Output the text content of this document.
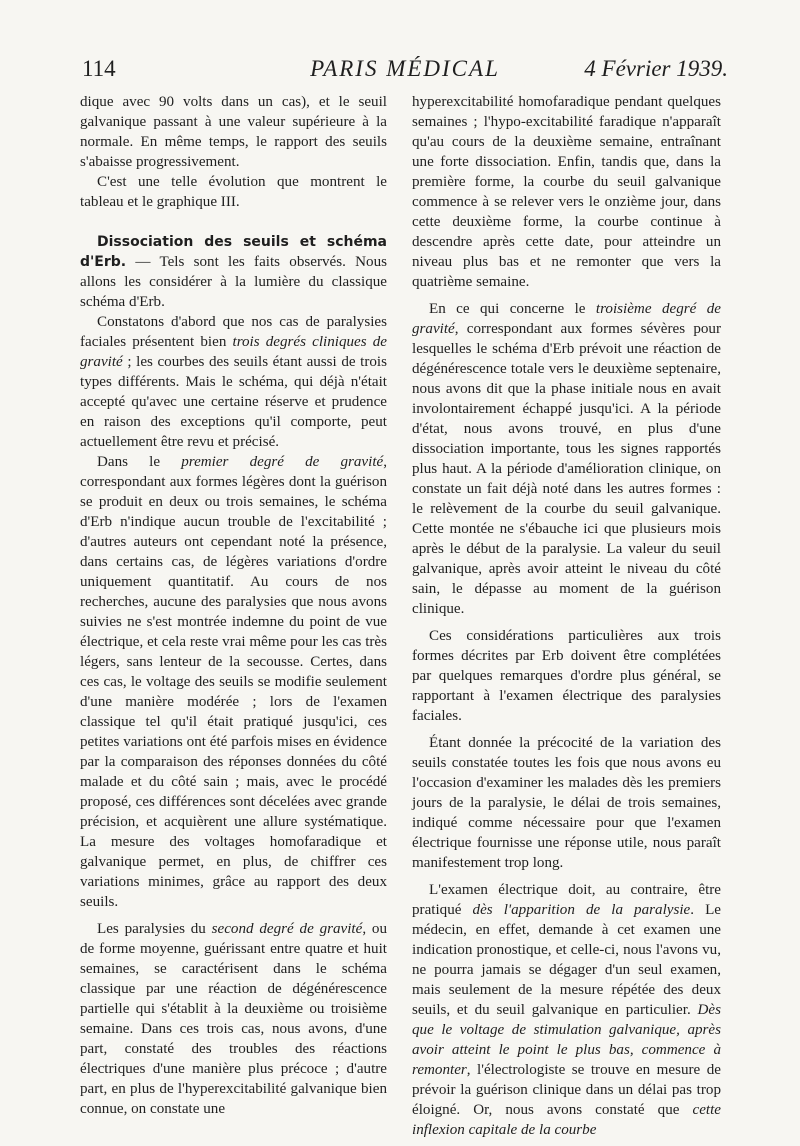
114	PARIS MÉDICAL	4 Février 1939.

dique avec 90 volts dans un cas), et le seuil galvanique passant à une valeur supérieure à la normale. En même temps, le rapport des seuils s'abaisse progressivement.

C'est une telle évolution que montrent le tableau et le graphique III.

Dissociation des seuils et schéma d'Erb. — Tels sont les faits observés. Nous allons les considérer à la lumière du classique schéma d'Erb.

Constatons d'abord que nos cas de paralysies faciales présentent bien trois degrés cliniques de gravité ; les courbes des seuils étant aussi de trois types différents. Mais le schéma, qui déjà n'était accepté qu'avec une certaine réserve et prudence en raison des exceptions qu'il comporte, peut actuellement être revu et précisé.

Dans le premier degré de gravité, correspondant aux formes légères dont la guérison se produit en deux ou trois semaines, le schéma d'Erb n'indique aucun trouble de l'excitabilité ; d'autres auteurs ont cependant noté la présence, dans certains cas, de légères variations d'ordre uniquement quantitatif. Au cours de nos recherches, aucune des paralysies que nous avons suivies ne s'est montrée indemne du point de vue électrique, et cela reste vrai même pour les cas très légers, sans lenteur de la secousse. Certes, dans ces cas, le voltage des seuils se modifie seulement d'une manière modérée ; lors de l'examen classique tel qu'il était pratiqué jusqu'ici, ces petites variations ont été parfois mises en évidence par la comparaison des réponses données du côté malade et du côté sain ; mais, avec le procédé proposé, ces différences sont décelées avec grande précision, et acquièrent une allure systématique. La mesure des voltages homofaradique et galvanique permet, en plus, de chiffrer ces variations minimes, grâce au rapport des deux seuils.

Les paralysies du second degré de gravité, ou de forme moyenne, guérissant entre quatre et huit semaines, se caractérisent dans le schéma classique par une réaction de dégénérescence partielle qui s'établit à la deuxième ou troisième semaine. Dans ces trois cas, nous avons, d'une part, constaté des troubles des réactions électriques d'une manière plus précoce ; d'autre part, en plus de l'hyperexcitabilité galvanique bien connue, on constate une

hyperexcitabilité homofaradique pendant quelques semaines ; l'hypo-excitabilité faradique n'apparaît qu'au cours de la deuxième semaine, entraînant une forte dissociation. Enfin, tandis que, dans la première forme, la courbe du seuil galvanique commence à se relever vers le onzième jour, dans cette deuxième forme, la courbe continue à descendre après cette date, pour atteindre un niveau plus bas et ne remonter que vers la quatrième semaine.

En ce qui concerne le troisième degré de gravité, correspondant aux formes sévères pour lesquelles le schéma d'Erb prévoit une réaction de dégénérescence totale vers le deuxième septenaire, nous avons dit que la phase initiale nous en avait involontairement échappé jusqu'ici. A la période d'état, nous avons trouvé, en plus d'une dissociation importante, tous les signes rapportés plus haut. A la période d'amélioration clinique, on constate un fait déjà noté dans les autres formes : le relèvement de la courbe du seuil galvanique. Cette montée ne s'ébauche ici que plusieurs mois après le début de la paralysie. La valeur du seuil galvanique, après avoir atteint le niveau du côté sain, le dépasse au moment de la guérison clinique.

Ces considérations particulières aux trois formes décrites par Erb doivent être complétées par quelques remarques d'ordre plus général, se rapportant à l'examen électrique des paralysies faciales.

Étant donnée la précocité de la variation des seuils constatée toutes les fois que nous avons eu l'occasion d'examiner les malades dès les premiers jours de la paralysie, le délai de trois semaines, indiqué comme nécessaire pour que l'examen électrique fournisse une réponse utile, nous paraît manifestement trop long.

L'examen électrique doit, au contraire, être pratiqué dès l'apparition de la paralysie. Le médecin, en effet, demande à cet examen une indication pronostique, et celle-ci, nous l'avons vu, ne pourra jamais se dégager d'un seul examen, mais seulement de la mesure répétée des deux seuils, et du seuil galvanique en particulier. Dès que le voltage de stimulation galvanique, après avoir atteint le point le plus bas, commence à remonter, l'électrologiste se trouve en mesure de prévoir la guérison clinique dans un délai pas trop éloigné. Or, nous avons constaté que cette inflexion capitale de la courbe
